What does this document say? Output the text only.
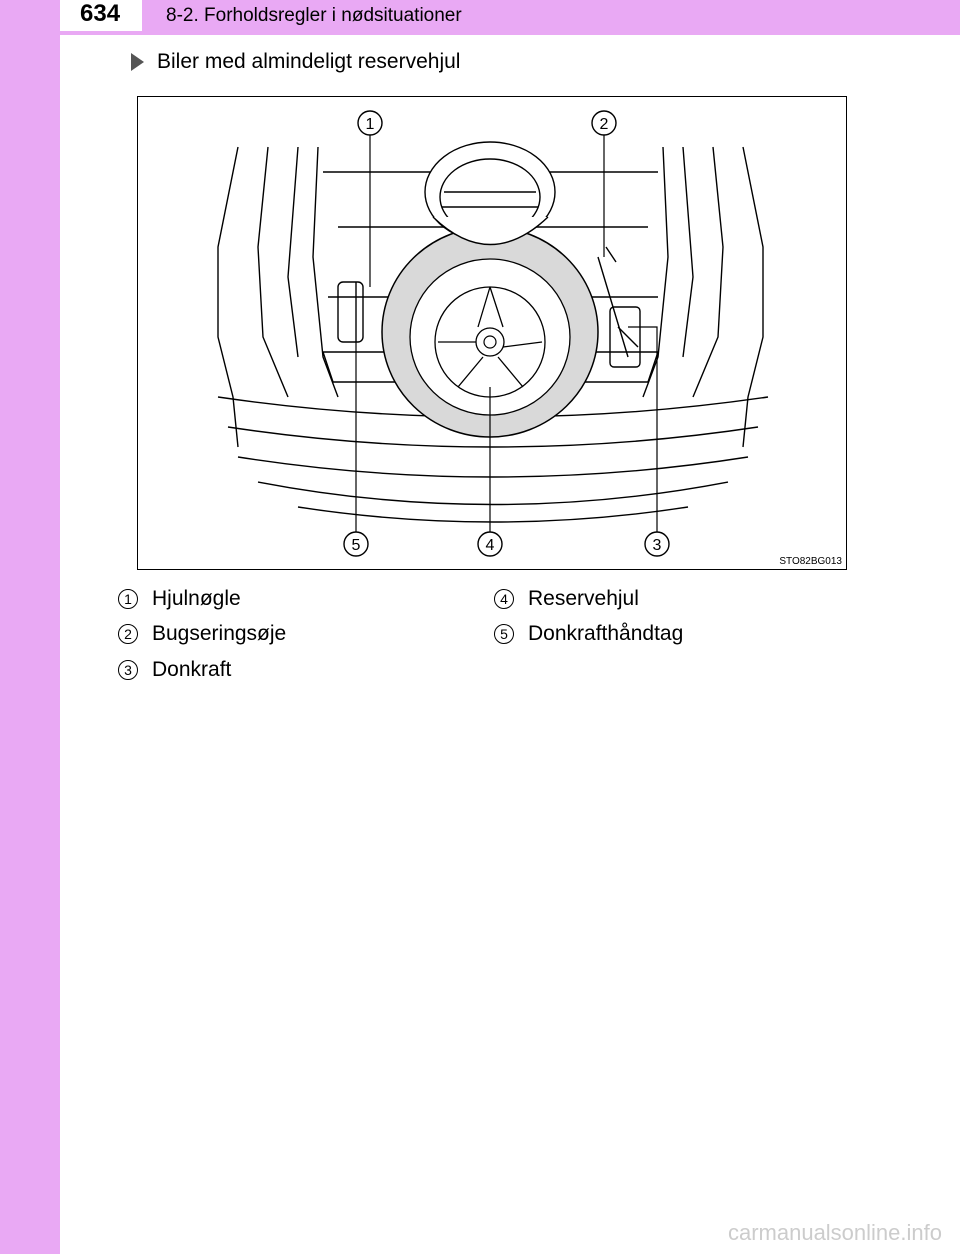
634	8-2. Forholdsregler i nødsituationer
Biler med almindeligt reservehjul
1	2
3
4
5
STO82BG013
1 Hjulnøgle
2 Bugseringsøje
3 Donkraft
4 Reservehjul
5 Donkrafthåndtag
carmanualsonline.info
